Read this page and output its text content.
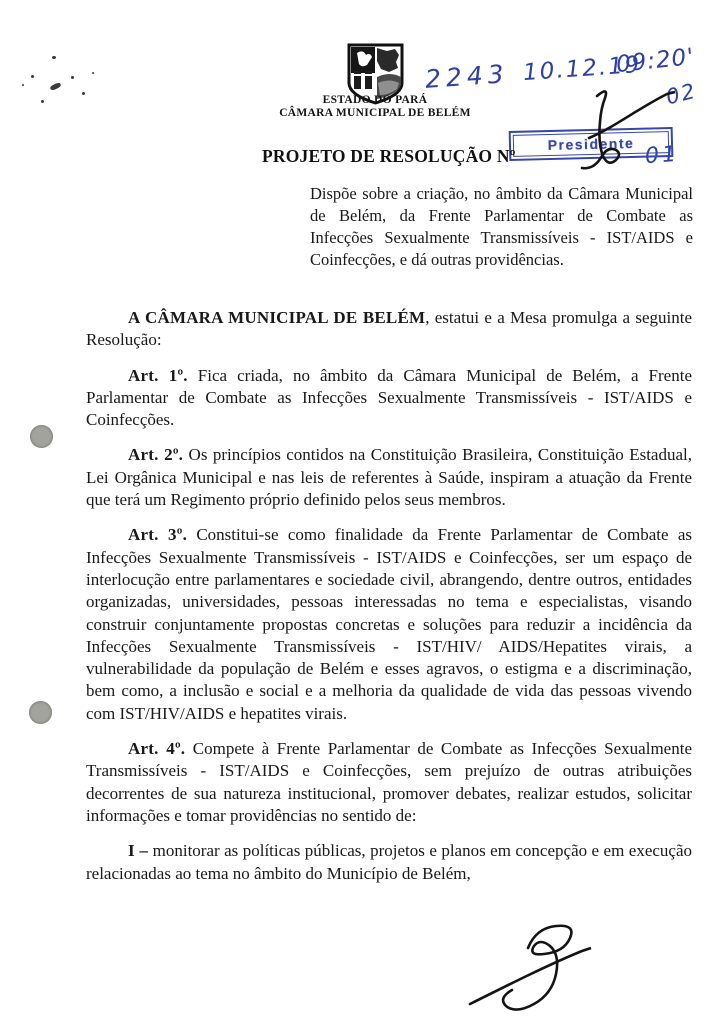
ESTADO DO PARÁ
CÂMARA MUNICIPAL DE BELÉM
2243 10.12.19
09:20'
02
01
Presidente
PROJETO DE RESOLUÇÃO Nº
Dispõe sobre a criação, no âmbito da Câmara Municipal de Belém, da Frente Parlamentar de Combate as Infecções Sexualmente Transmissíveis - IST/AIDS e Coinfecções, e dá outras providências.

A CÂMARA MUNICIPAL DE BELÉM, estatui e a Mesa promulga a seguinte Resolução:

Art. 1º. Fica criada, no âmbito da Câmara Municipal de Belém, a Frente Parlamentar de Combate as Infecções Sexualmente Transmissíveis - IST/AIDS e Coinfecções.

Art. 2º. Os princípios contidos na Constituição Brasileira, Constituição Estadual, Lei Orgânica Municipal e nas leis de referentes à Saúde, inspiram a atuação da Frente que terá um Regimento próprio definido pelos seus membros.

Art. 3º. Constitui-se como finalidade da Frente Parlamentar de Combate as Infecções Sexualmente Transmissíveis - IST/AIDS e Coinfecções, ser um espaço de interlocução entre parlamentares e sociedade civil, abrangendo, dentre outros, entidades organizadas, universidades, pessoas interessadas no tema e especialistas, visando construir conjuntamente propostas concretas e soluções para reduzir a incidência da Infecções Sexualmente Transmissíveis - IST/HIV/ AIDS/Hepatites virais, a vulnerabilidade da população de Belém e esses agravos, o estigma e a discriminação, bem como, a inclusão e social e a melhoria da qualidade de vida das pessoas vivendo com IST/HIV/AIDS e hepatites virais.

Art. 4º. Compete à Frente Parlamentar de Combate as Infecções Sexualmente Transmissíveis - IST/AIDS e Coinfecções, sem prejuízo de outras atribuições decorrentes de sua natureza institucional, promover debates, realizar estudos, solicitar informações e tomar providências no sentido de:

I – monitorar as políticas públicas, projetos e planos em concepção e em execução relacionadas ao tema no âmbito do Município de Belém,
